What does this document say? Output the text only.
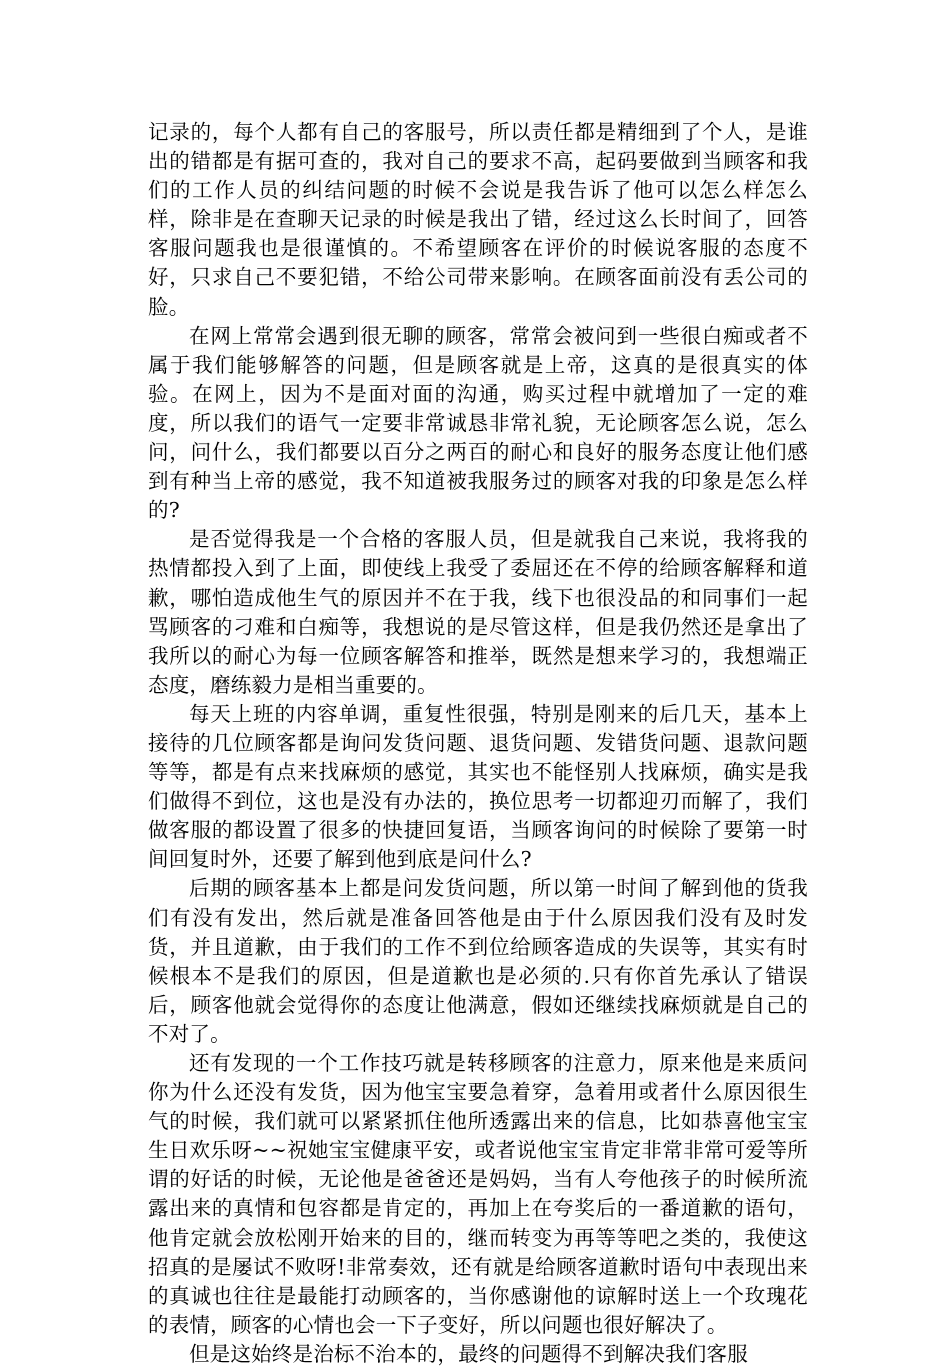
记录的，每个人都有自己的客服号，所以责任都是精细到了个人，是谁出的错都是有据可查的，我对自己的要求不高，起码要做到当顾客和我们的工作人员的纠结问题的时候不会说是我告诉了他可以怎么样怎么样，除非是在查聊天记录的时候是我出了错，经过这么长时间了，回答客服问题我也是很谨慎的。不希望顾客在评价的时候说客服的态度不好，只求自己不要犯错，不给公司带来影响。在顾客面前没有丢公司的脸。

在网上常常会遇到很无聊的顾客，常常会被问到一些很白痴或者不属于我们能够解答的问题，但是顾客就是上帝，这真的是很真实的体验。在网上，因为不是面对面的沟通，购买过程中就增加了一定的难度，所以我们的语气一定要非常诚恳非常礼貌，无论顾客怎么说，怎么问，问什么，我们都要以百分之两百的耐心和良好的服务态度让他们感到有种当上帝的感觉，我不知道被我服务过的顾客对我的印象是怎么样的?

是否觉得我是一个合格的客服人员，但是就我自己来说，我将我的热情都投入到了上面，即使线上我受了委屈还在不停的给顾客解释和道歉，哪怕造成他生气的原因并不在于我，线下也很没品的和同事们一起骂顾客的刁难和白痴等，我想说的是尽管这样，但是我仍然还是拿出了我所以的耐心为每一位顾客解答和推举，既然是想来学习的，我想端正态度，磨练毅力是相当重要的。

每天上班的内容单调，重复性很强，特别是刚来的后几天，基本上接待的几位顾客都是询问发货问题、退货问题、发错货问题、退款问题等等，都是有点来找麻烦的感觉，其实也不能怪别人找麻烦，确实是我们做得不到位，这也是没有办法的，换位思考一切都迎刃而解了，我们做客服的都设置了很多的快捷回复语，当顾客询问的时候除了要第一时间回复时外，还要了解到他到底是问什么?

后期的顾客基本上都是问发货问题，所以第一时间了解到他的货我们有没有发出，然后就是准备回答他是由于什么原因我们没有及时发货，并且道歉，由于我们的工作不到位给顾客造成的失误等，其实有时候根本不是我们的原因，但是道歉也是必须的.只有你首先承认了错误后，顾客他就会觉得你的态度让他满意，假如还继续找麻烦就是自己的不对了。

还有发现的一个工作技巧就是转移顾客的注意力，原来他是来质问你为什么还没有发货，因为他宝宝要急着穿，急着用或者什么原因很生气的时候，我们就可以紧紧抓住他所透露出来的信息，比如恭喜他宝宝生日欢乐呀~~祝她宝宝健康平安，或者说他宝宝肯定非常非常可爱等所谓的好话的时候，无论他是爸爸还是妈妈，当有人夸他孩子的时候所流露出来的真情和包容都是肯定的，再加上在夸奖后的一番道歉的语句，他肯定就会放松刚开始来的目的，继而转变为再等等吧之类的，我使这招真的是屡试不败呀!非常奏效，还有就是给顾客道歉时语句中表现出来的真诚也往往是最能打动顾客的，当你感谢他的谅解时送上一个玫瑰花的表情，顾客的心情也会一下子变好，所以问题也很好解决了。

但是这始终是治标不治本的，最终的问题得不到解决我们客服
